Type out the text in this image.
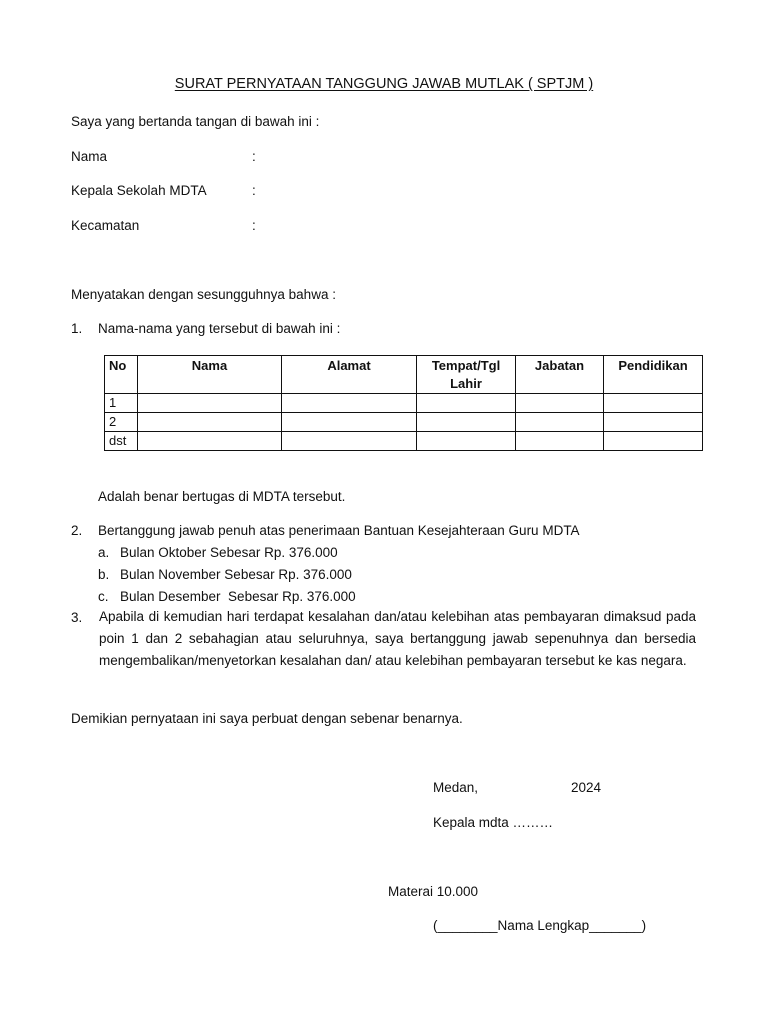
SURAT PERNYATAAN TANGGUNG JAWAB MUTLAK ( SPTJM )
Saya yang bertanda tangan di bawah ini :
Nama	:
Kepala Sekolah MDTA	:
Kecamatan	:
Menyatakan dengan sesungguhnya bahwa :
1. Nama-nama yang tersebut di bawah ini :
No	Nama	Alamat	Tempat/Tgl Lahir	Jabatan	Pendidikan
1					
2					
dst					
Adalah benar bertugas di MDTA tersebut.
2. Bertanggung jawab penuh atas penerimaan Bantuan Kesejahteraan Guru MDTA
a. Bulan Oktober Sebesar Rp. 376.000
b. Bulan November Sebesar Rp. 376.000
c. Bulan Desember  Sebesar Rp. 376.000
3. Apabila di kemudian hari terdapat kesalahan dan/atau kelebihan atas pembayaran dimaksud pada poin 1 dan 2 sebahagian atau seluruhnya, saya bertanggung jawab sepenuhnya dan bersedia mengembalikan/menyetorkan kesalahan dan/ atau kelebihan pembayaran tersebut ke kas negara.
Demikian pernyataan ini saya perbuat dengan sebenar benarnya.
Medan,	2024
Kepala mdta ………
Materai 10.000
(________Nama Lengkap_______)
